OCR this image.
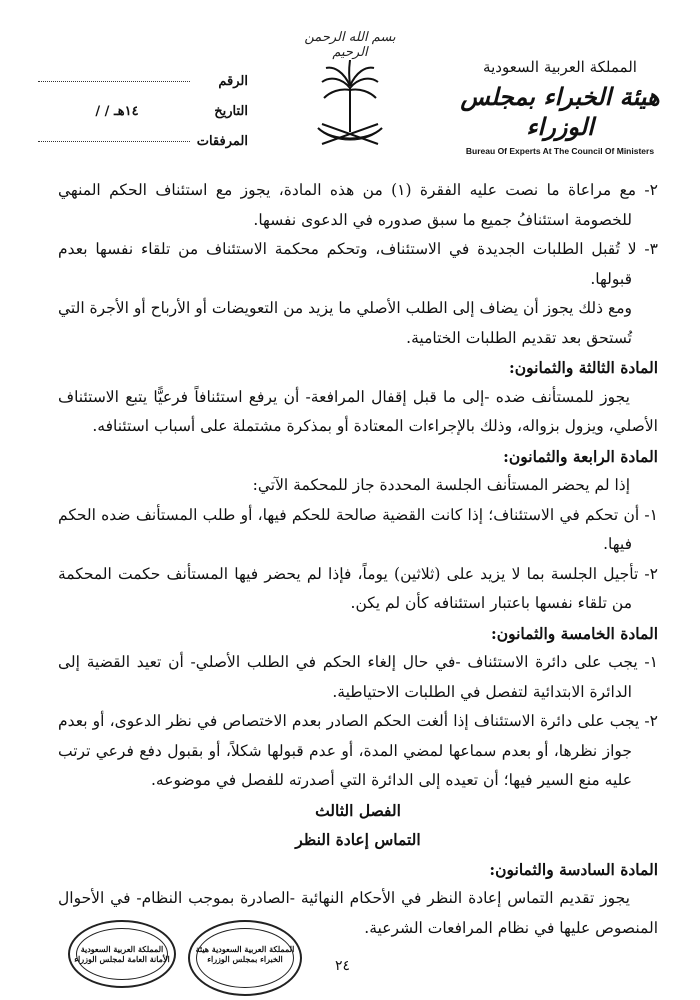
بسم الله الرحمن الرحيم
الرقم
التاريخ
/ / ١٤هـ
المرفقات
المملكة العربية السعودية
هيئة الخبراء بمجلس الوزراء
Bureau Of Experts At The Council Of Ministers

٢- مع مراعاة ما نصت عليه الفقرة (١) من هذه المادة، يجوز مع استئناف الحكم المنهي للخصومة استئنافُ جميع ما سبق صدوره في الدعوى نفسها.

٣- لا تُقبل الطلبات الجديدة في الاستئناف، وتحكم محكمة الاستئناف من تلقاء نفسها بعدم قبولها.

ومع ذلك يجوز أن يضاف إلى الطلب الأصلي ما يزيد من التعويضات أو الأرباح أو الأجرة التي تُستحق بعد تقديم الطلبات الختامية.

المادة الثالثة والثمانون:

يجوز للمستأنف ضده -إلى ما قبل إقفال المرافعة- أن يرفع استئنافاً فرعيًّا يتبع الاستئناف الأصلي، ويزول بزواله، وذلك بالإجراءات المعتادة أو بمذكرة مشتملة على أسباب استئنافه.

المادة الرابعة والثمانون:

إذا لم يحضر المستأنف الجلسة المحددة جاز للمحكمة الآتي:

١- أن تحكم في الاستئناف؛ إذا كانت القضية صالحة للحكم فيها، أو طلب المستأنف ضده الحكم فيها.

٢- تأجيل الجلسة بما لا يزيد على (ثلاثين) يوماً، فإذا لم يحضر فيها المستأنف حكمت المحكمة من تلقاء نفسها باعتبار استئنافه كأن لم يكن.

المادة الخامسة والثمانون:

١- يجب على دائرة الاستئناف -في حال إلغاء الحكم في الطلب الأصلي- أن تعيد القضية إلى الدائرة الابتدائية لتفصل في الطلبات الاحتياطية.

٢- يجب على دائرة الاستئناف إذا ألغت الحكم الصادر بعدم الاختصاص في نظر الدعوى، أو بعدم جواز نظرها، أو بعدم سماعها لمضي المدة، أو عدم قبولها شكلاً، أو بقبول دفع فرعي ترتب عليه منع السير فيها؛ أن تعيده إلى الدائرة التي أصدرته للفصل في موضوعه.

الفصل الثالث

التماس إعادة النظر

المادة السادسة والثمانون:

يجوز تقديم التماس إعادة النظر في الأحكام النهائية -الصادرة بموجب النظام- في الأحوال المنصوص عليها في نظام المرافعات الشرعية.

المملكة العربية السعودية الأمانة العامة لمجلس الوزراء
المملكة العربية السعودية هيئة الخبراء بمجلس الوزراء	٢٤
